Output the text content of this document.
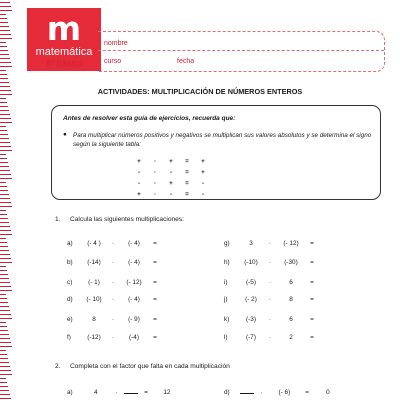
m
matemática
8º básico
nombre
curso	fecha
ACTIVIDADES: MULTIPLICACIÓN DE NÚMEROS ENTEROS
Antes de resolver esta guía de ejercicios, recuerda que:
● Para multiplicar números positivos y negativos se multiplican sus valores absolutos y se determina el signo según la siguiente tabla:
+	·	+	=	+
-	·	-	=	+
-	·	+	=	-
+	·	-	=	-
1. Calcula las siguientes multiplicaciones:
a) (- 4 ) · (- 4) =
b) (-14) · (- 4) =
c) (- 1) · (- 12) =
d) (- 10) · (- 4) =
e)	8	· (- 9) =
f)	(-12) · (-4) =
g)	3	· (- 12) =
h) (-10) · (-30) =
i)	(-5) ·	6	=
j)	(- 2) ·	8	=
k)	(-3) ·	6	=
l)	(-7) ·	2	=
2. Completa con el factor que falta en cada multiplicación
a)	4	·	= 12	d)	· (- 6) =	0
